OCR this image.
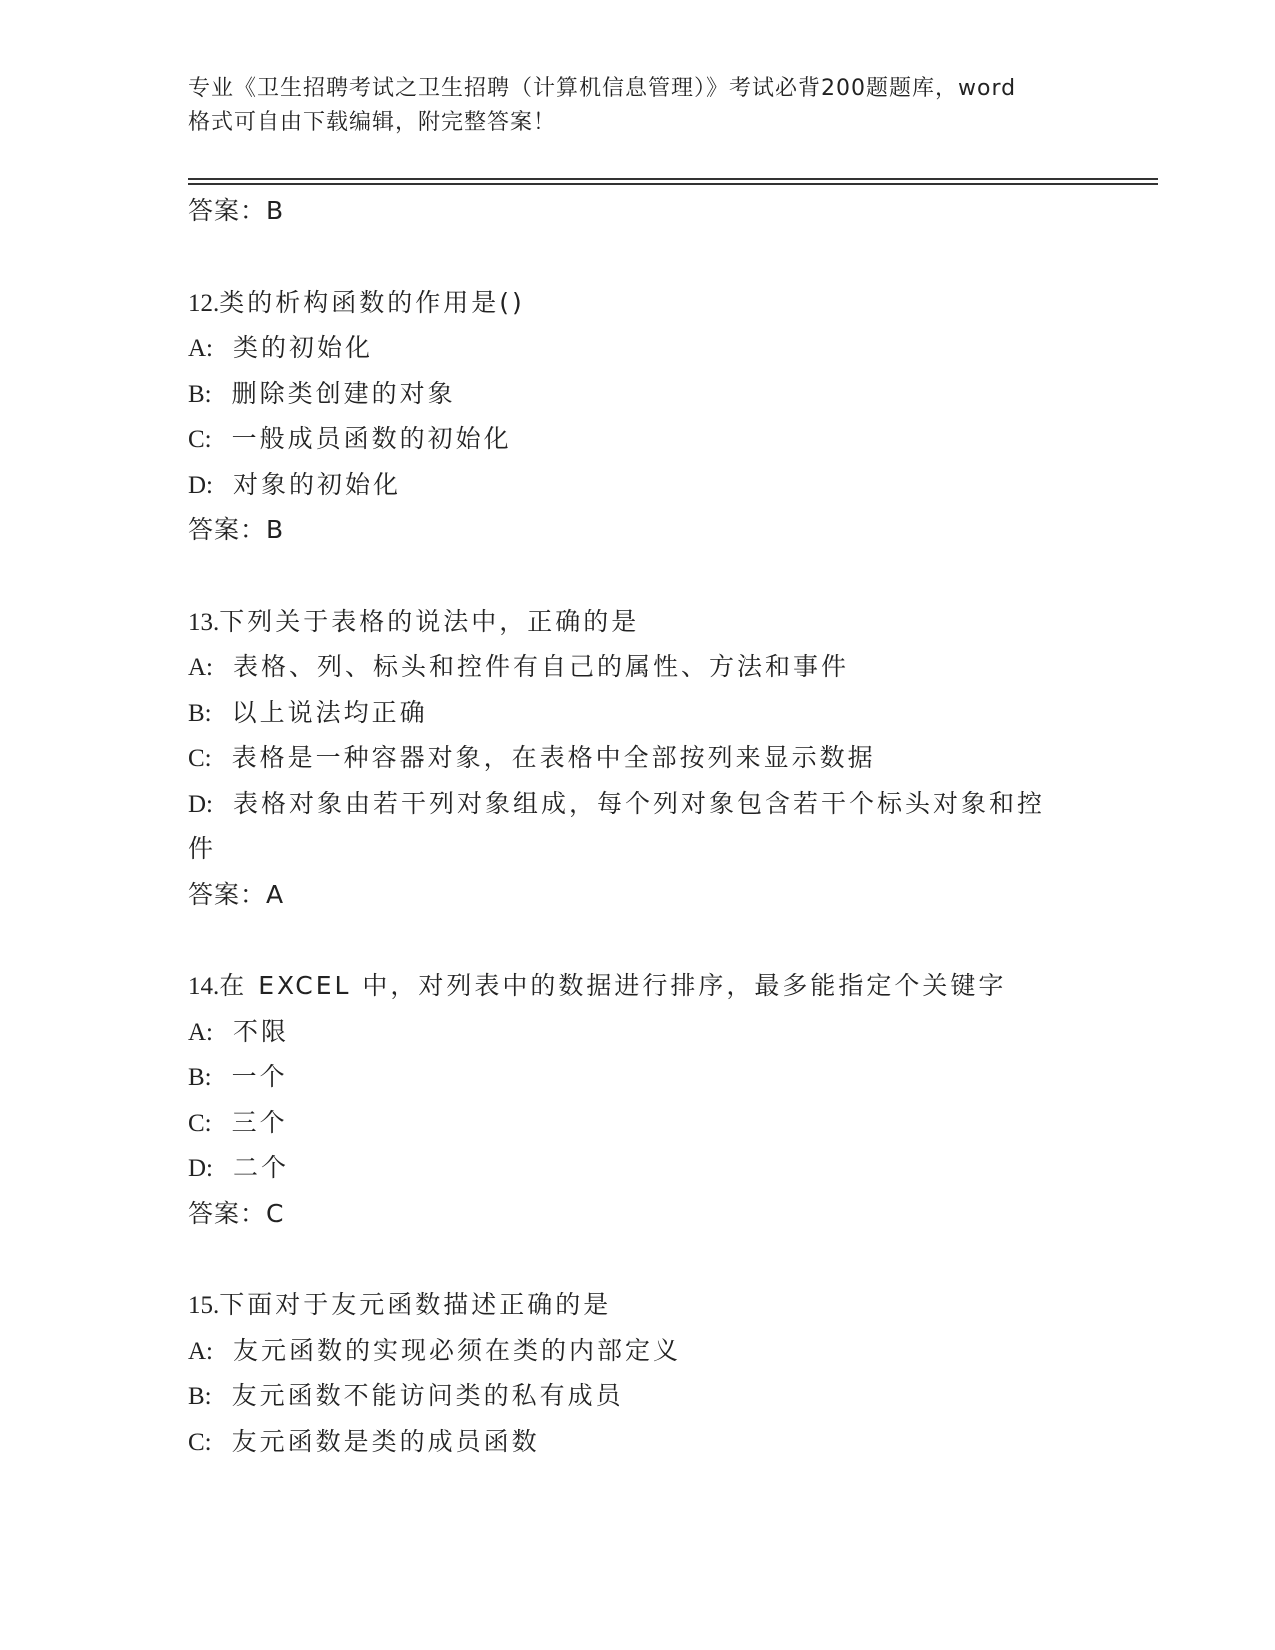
专业《卫生招聘考试之卫生招聘（计算机信息管理）》考试必背200题题库，word
格式可自由下载编辑，附完整答案！
答案：B
12.类的析构函数的作用是()
A: 类的初始化
B: 删除类创建的对象
C: 一般成员函数的初始化
D: 对象的初始化
答案：B
13.下列关于表格的说法中，正确的是
A: 表格、列、标头和控件有自己的属性、方法和事件
B: 以上说法均正确
C: 表格是一种容器对象，在表格中全部按列来显示数据
D: 表格对象由若干列对象组成，每个列对象包含若干个标头对象和控
件
答案：A
14.在 EXCEL 中，对列表中的数据进行排序，最多能指定个关键字
A: 不限
B: 一个
C: 三个
D: 二个
答案：C
15.下面对于友元函数描述正确的是
A: 友元函数的实现必须在类的内部定义
B: 友元函数不能访问类的私有成员
C: 友元函数是类的成员函数
